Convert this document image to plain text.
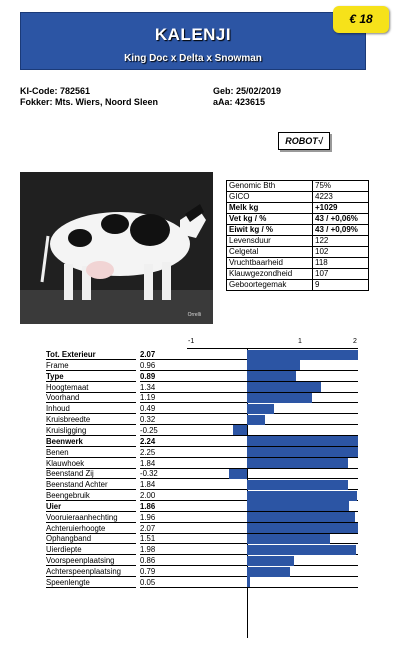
KALENJI
King Doc x Delta x Snowman
€ 18
KI-Code: 782561
Fokker: Mts. Wiers, Noord Sleen
Geb: 25/02/2019
aAa: 423615
ROBOT√
Orrelli
Genomic Bth	75%
GICO	4223
Melk kg	+1029
Vet kg / %	43 / +0,06%
Eiwit kg / %	43 / +0,09%
Levensduur	122
Celgetal	102
Vruchtbaarheid	118
Klauwgezondheid	107
Geboortegemak	9
-1	1	2
Tot. Exterieur	2.07
Frame	0.96
Type	0.89
Hoogtemaat	1.34
Voorhand	1.19
Inhoud	0.49
Kruisbreedte	0.32
Kruisligging	-0.25
Beenwerk	2.24
Benen	2.25
Klauwhoek	1.84
Beenstand Zij	-0.32
Beenstand Achter	1.84
Beengebruik	2.00
Uier	1.86
Vooruieraanhechting	1.96
Achteruierhoogte	2.07
Ophangband	1.51
Uierdiepte	1.98
Voorspeenplaatsing	0.86
Achterspeenplaatsing	0.79
Speenlengte	0.05
